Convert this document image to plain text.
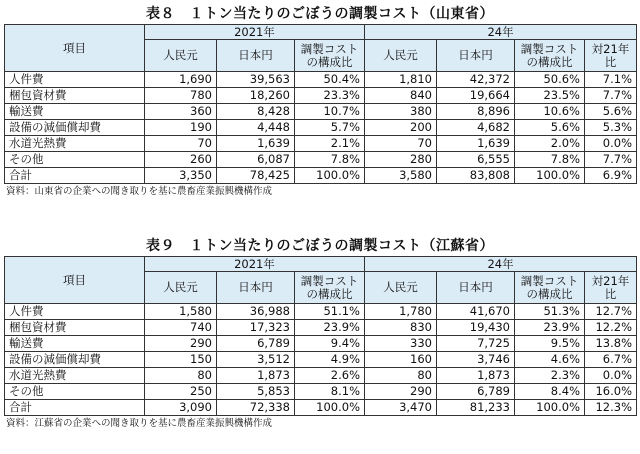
表８　１トン当たりのごぼうの調製コスト（山東省）
項目	2021年			24年			
	人民元	日本円	調製コストの構成比	人民元	日本円	調製コストの構成比	対21年比
人件費	1,690	39,563	50.4%	1,810	42,372	50.6%	7.1%
梱包資材費	780	18,260	23.3%	840	19,664	23.5%	7.7%
輸送費	360	8,428	10.7%	380	8,896	10.6%	5.6%
設備の減価償却費	190	4,448	5.7%	200	4,682	5.6%	5.3%
水道光熱費	70	1,639	2.1%	70	1,639	2.0%	0.0%
その他	260	6,087	7.8%	280	6,555	7.8%	7.7%
合計	3,350	78,425	100.0%	3,580	83,808	100.0%	6.9%
資料：山東省の企業への聞き取りを基に農畜産業振興機構作成
表９　１トン当たりのごぼうの調製コスト（江蘇省）
項目	2021年			24年			
	人民元	日本円	調製コストの構成比	人民元	日本円	調製コストの構成比	対21年比
人件費	1,580	36,988	51.1%	1,780	41,670	51.3%	12.7%
梱包資材費	740	17,323	23.9%	830	19,430	23.9%	12.2%
輸送費	290	6,789	9.4%	330	7,725	9.5%	13.8%
設備の減価償却費	150	3,512	4.9%	160	3,746	4.6%	6.7%
水道光熱費	80	1,873	2.6%	80	1,873	2.3%	0.0%
その他	250	5,853	8.1%	290	6,789	8.4%	16.0%
合計	3,090	72,338	100.0%	3,470	81,233	100.0%	12.3%
資料：江蘇省の企業への聞き取りを基に農畜産業振興機構作成
